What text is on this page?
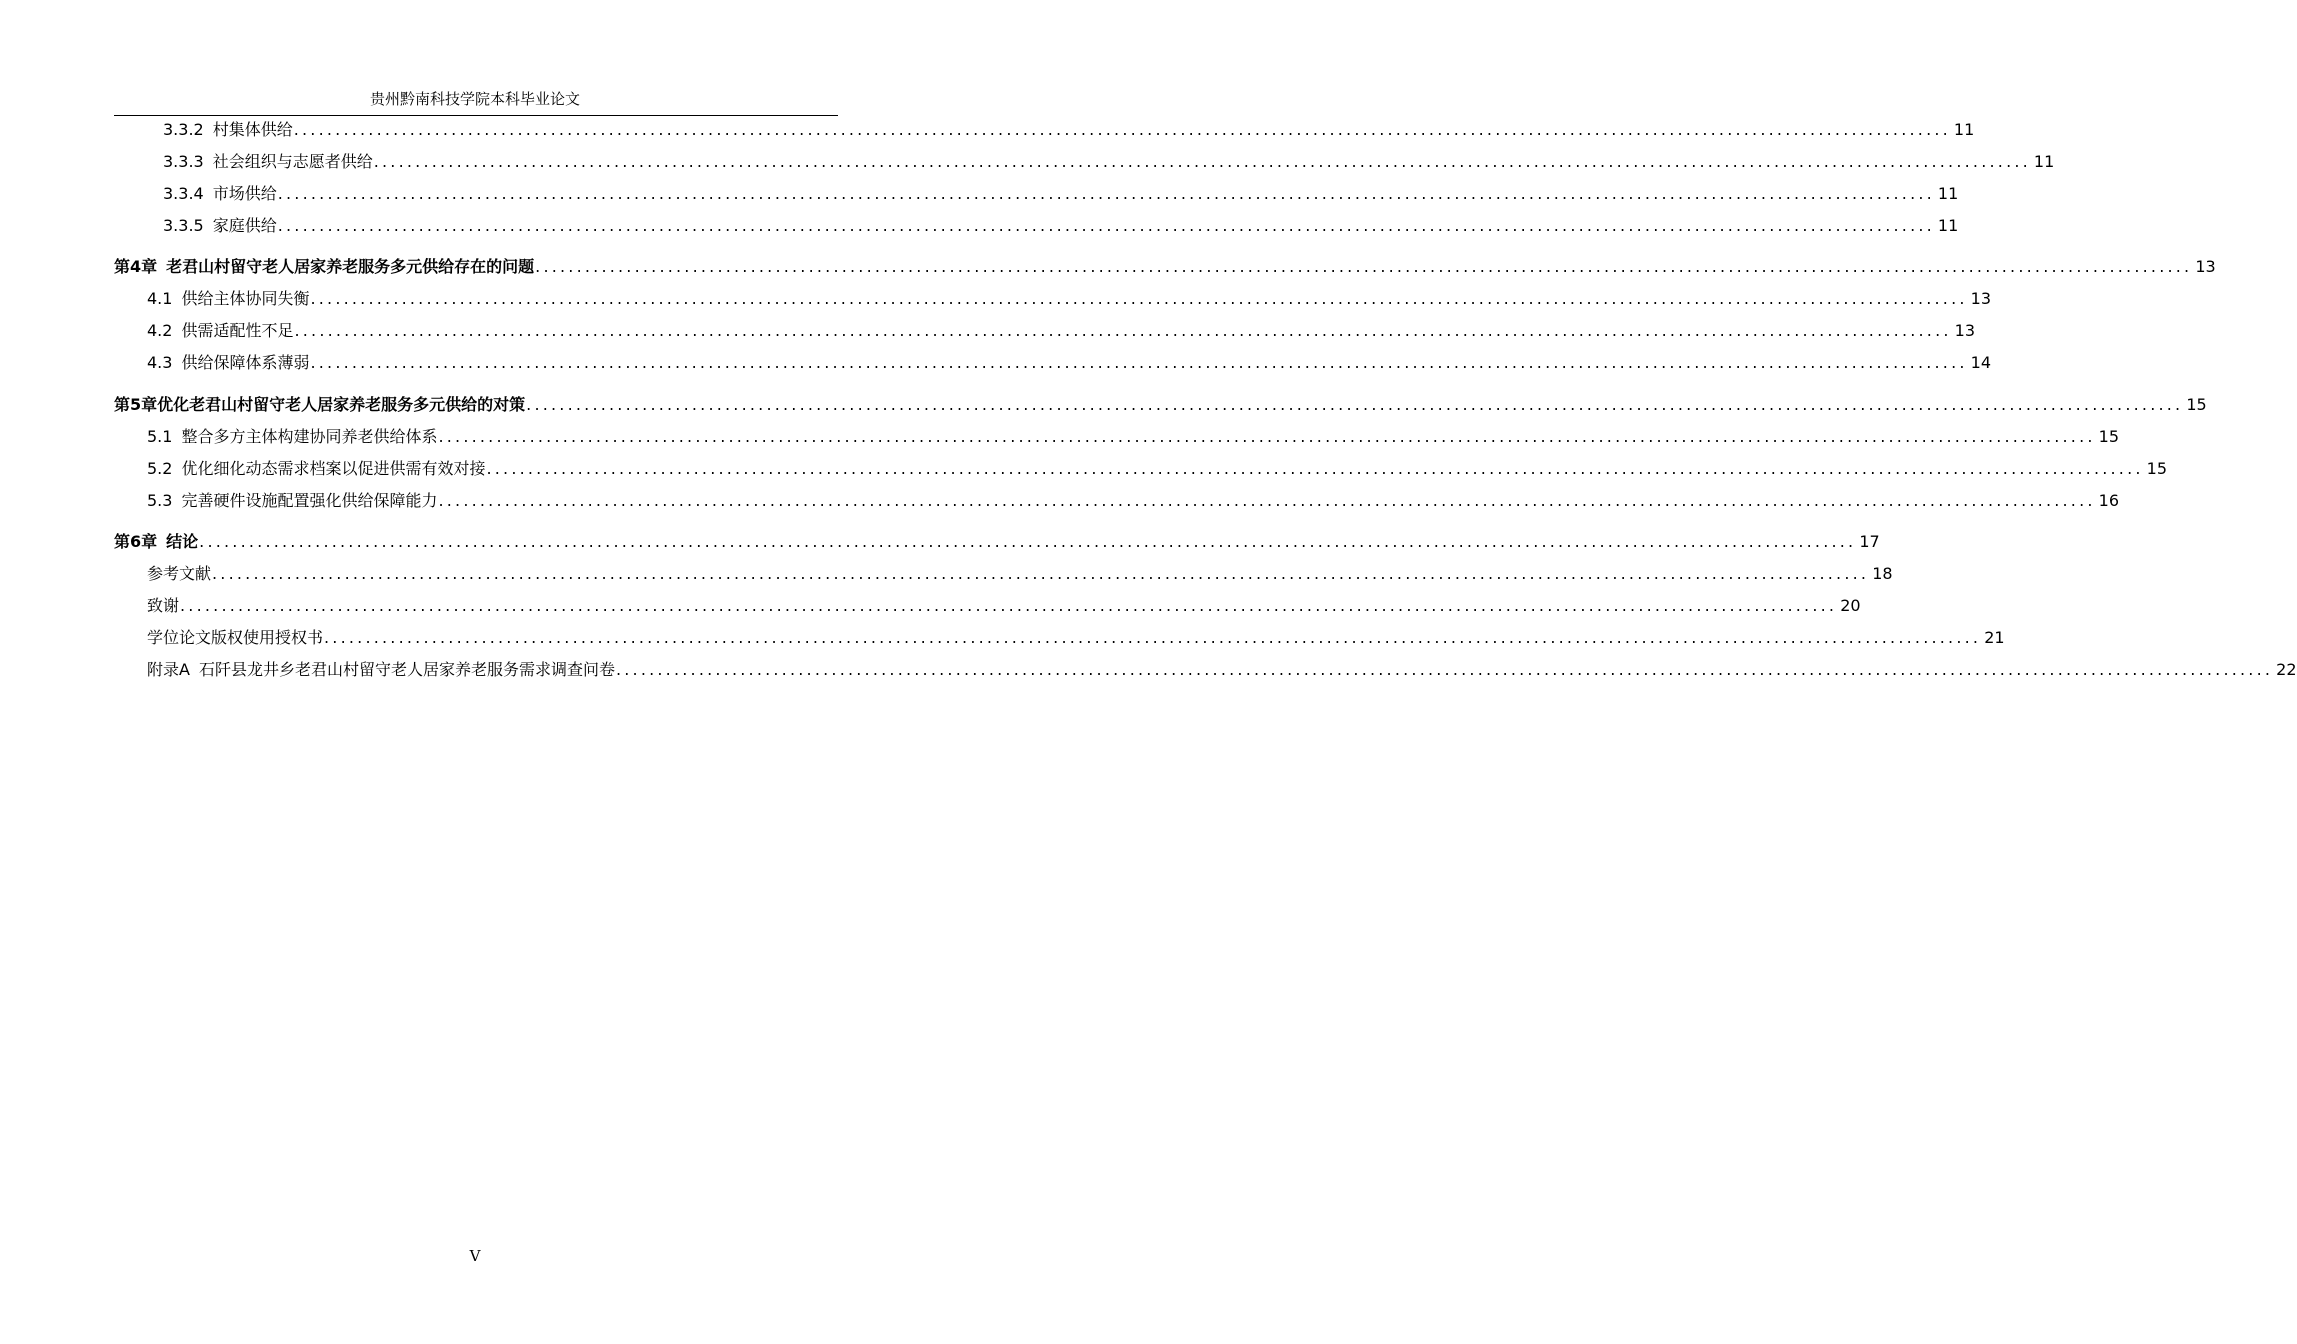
贵州黔南科技学院本科毕业论文
3.3.2 村集体供给 ........................................................................................................................................................................................................ 11
3.3.3 社会组织与志愿者供给 ........................................................................................................................................................................................................ 11
3.3.4 市场供给 ........................................................................................................................................................................................................ 11
3.3.5 家庭供给 ........................................................................................................................................................................................................ 11
第4章 老君山村留守老人居家养老服务多元供给存在的问题 ........................................................................................................................................................................................................ 13
4.1 供给主体协同失衡 ........................................................................................................................................................................................................ 13
4.2 供需适配性不足 ........................................................................................................................................................................................................ 13
4.3 供给保障体系薄弱 ........................................................................................................................................................................................................ 14
第5章优化老君山村留守老人居家养老服务多元供给的对策 ........................................................................................................................................................................................................ 15
5.1 整合多方主体构建协同养老供给体系 ........................................................................................................................................................................................................ 15
5.2 优化细化动态需求档案以促进供需有效对接 ........................................................................................................................................................................................................ 15
5.3 完善硬件设施配置强化供给保障能力 ........................................................................................................................................................................................................ 16
第6章 结论 ........................................................................................................................................................................................................ 17
参考文献 ........................................................................................................................................................................................................ 18
致谢 ........................................................................................................................................................................................................ 20
学位论文版权使用授权书 ........................................................................................................................................................................................................ 21
附录A 石阡县龙井乡老君山村留守老人居家养老服务需求调查问卷 ........................................................................................................................................................................................................ 22
V
